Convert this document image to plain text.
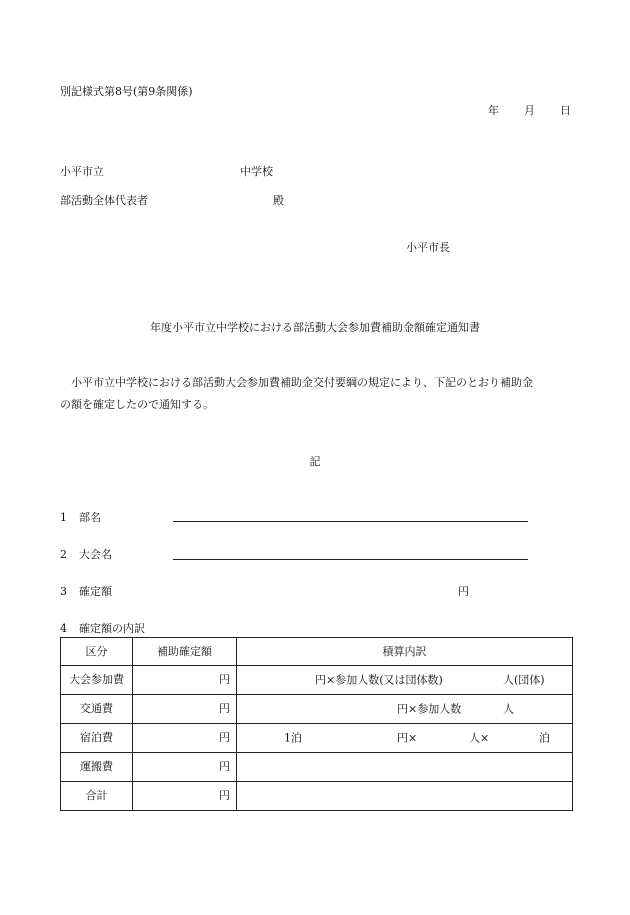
別記様式第8号(第9条関係)
年 月 日
小平市立	中学校
部活動全体代表者	殿
小平市長
年度小平市立中学校における部活動大会参加費補助金額確定通知書
小平市立中学校における部活動大会参加費補助金交付要綱の規定により、下記のとおり補助金
の額を確定したので通知する。
記
1 部名
2 大会名
3 確定額	円
4 確定額の内訳
区分	補助確定額	積算内訳
大会参加費	円	円×参加人数(又は団体数) 人(団体)

交通費	円	円×参加人数 人

宿泊費	円	1泊 円× 人× 泊

運搬費	円	
合計	円	
